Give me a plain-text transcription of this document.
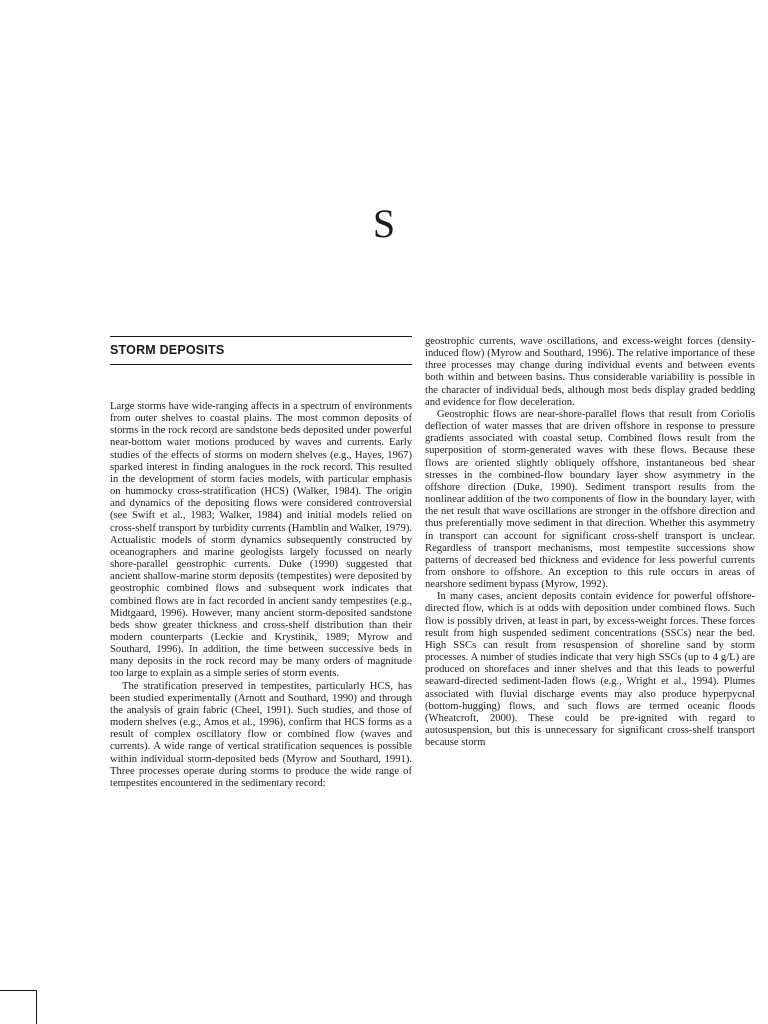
S
STORM DEPOSITS

Large storms have wide-ranging affects in a spectrum of environments from outer shelves to coastal plains. The most common deposits of storms in the rock record are sandstone beds deposited under powerful near-bottom water motions produced by waves and currents. Early studies of the effects of storms on modern shelves (e.g., Hayes, 1967) sparked interest in finding analogues in the rock record. This resulted in the development of storm facies models, with particular emphasis on hummocky cross-stratification (HCS) (Walker, 1984). The origin and dynamics of the depositing flows were considered controversial (see Swift et al., 1983; Walker, 1984) and initial models relied on cross-shelf transport by turbidity currents (Hamblin and Walker, 1979). Actualistic models of storm dynamics subsequently constructed by oceanographers and marine geologists largely focussed on nearly shore-parallel geostrophic currents. Duke (1990) suggested that ancient shallow-marine storm deposits (tempestites) were deposited by geostrophic combined flows and subsequent work indicates that combined flows are in fact recorded in ancient sandy tempestites (e.g., Midtgaard, 1996). However, many ancient storm-deposited sandstone beds show greater thickness and cross-shelf distribution than their modern counterparts (Leckie and Krystinik, 1989; Myrow and Southard, 1996). In addition, the time between successive beds in many deposits in the rock record may be many orders of magnitude too large to explain as a simple series of storm events.

The stratification preserved in tempestites, particularly HCS, has been studied experimentally (Arnott and Southard, 1990) and through the analysis of grain fabric (Cheel, 1991). Such studies, and those of modern shelves (e.g., Amos et al., 1996), confirm that HCS forms as a result of complex oscillatory flow or combined flow (waves and currents). A wide range of vertical stratification sequences is possible within individual storm-deposited beds (Myrow and Southard, 1991). Three processes operate during storms to produce the wide range of tempestites encountered in the sedimentary record:

geostrophic currents, wave oscillations, and excess-weight forces (density-induced flow) (Myrow and Southard, 1996). The relative importance of these three processes may change during individual events and between events both within and between basins. Thus considerable variability is possible in the character of individual beds, although most beds display graded bedding and evidence for flow deceleration.

Geostrophic flows are near-shore-parallel flows that result from Coriolis deflection of water masses that are driven offshore in response to pressure gradients associated with coastal setup. Combined flows result from the superposition of storm-generated waves with these flows. Because these flows are oriented slightly obliquely offshore, instantaneous bed shear stresses in the combined-flow boundary layer show asymmetry in the offshore direction (Duke, 1990). Sediment transport results from the nonlinear addition of the two components of flow in the boundary layer, with the net result that wave oscillations are stronger in the offshore direction and thus preferentially move sediment in that direction. Whether this asymmetry in transport can account for significant cross-shelf transport is unclear. Regardless of transport mechanisms, most tempestite successions show patterns of decreased bed thickness and evidence for less powerful currents from onshore to offshore. An exception to this rule occurs in areas of nearshore sediment bypass (Myrow, 1992).

In many cases, ancient deposits contain evidence for powerful offshore-directed flow, which is at odds with deposition under combined flows. Such flow is possibly driven, at least in part, by excess-weight forces. These forces result from high suspended sediment concentrations (SSCs) near the bed. High SSCs can result from resuspension of shoreline sand by storm processes. A number of studies indicate that very high SSCs (up to 4 g/L) are produced on shorefaces and inner shelves and that this leads to powerful seaward-directed sediment-laden flows (e.g., Wright et al., 1994). Plumes associated with fluvial discharge events may also produce hyperpycnal (bottom-hugging) flows, and such flows are termed oceanic floods (Wheatcroft, 2000). These could be pre-ignited with regard to autosuspension, but this is unnecessary for significant cross-shelf transport because storm
